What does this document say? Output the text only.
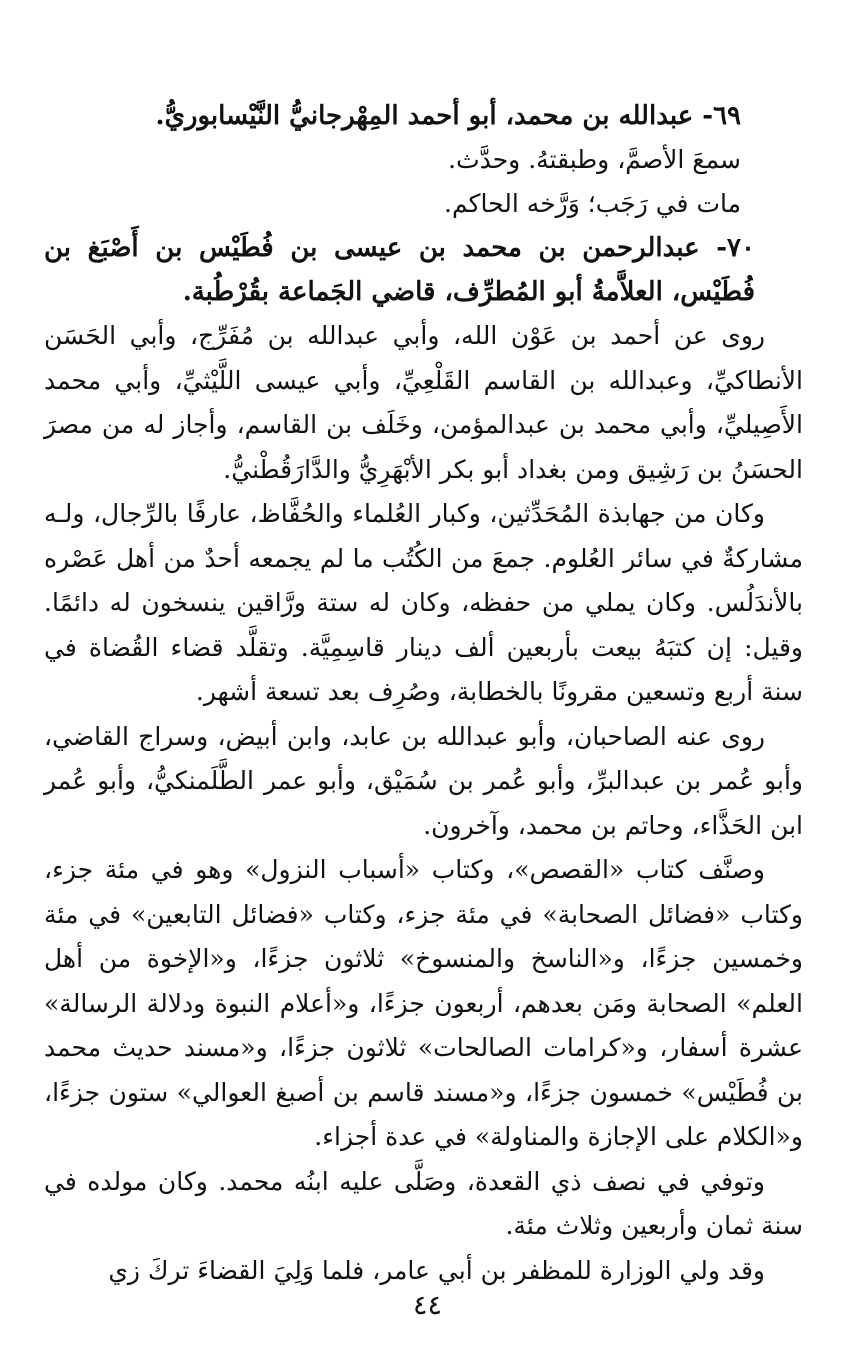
٦٩- عبدالله بن محمد، أبو أحمد المِهْرجانيُّ النَّيْسابوريُّ.

سمعَ الأصمَّ، وطبقتهُ. وحدَّث.

مات في رَجَب؛ وَرَّخه الحاكم.

٧٠- عبدالرحمن بن محمد بن عيسى بن فُطَيْس بن أَصْبَغ بن فُطَيْس، العلاَّمةُ أبو المُطرِّف، قاضي الجَماعة بقُرْطُبة.

روى عن أحمد بن عَوْن الله، وأبي عبدالله بن مُفَرِّج، وأبي الحَسَن الأنطاكيِّ، وعبدالله بن القاسم القَلْعِيِّ، وأبي عيسى اللَّيْثيِّ، وأبي محمد الأَصِيليِّ، وأبي محمد بن عبدالمؤمن، وخَلَف بن القاسم، وأجاز له من مصرَ الحسَنُ بن رَشِيق ومن بغداد أبو بكر الأبْهَرِيُّ والدَّارَقُطْنيُّ.

وكان من جهابذة المُحَدِّثين، وكبار العُلماء والحُفَّاظ، عارفًا بالرِّجال، ولـه مشاركةٌ في سائر العُلوم. جمعَ من الكُتُب ما لم يجمعه أحدٌ من أهل عَصْره بالأندَلُس. وكان يملي من حفظه، وكان له ستة ورَّاقين ينسخون له دائمًا. وقيل: إن كتبَهُ بيعت بأربعين ألف دينار قاسِمِيَّة. وتقلَّد قضاء القُضاة في سنة أربع وتسعين مقرونًا بالخطابة، وصُرِف بعد تسعة أشهر.

روى عنه الصاحبان، وأبو عبدالله بن عابد، وابن أبيض، وسراج القاضي، وأبو عُمر بن عبدالبرِّ، وأبو عُمر بن سُمَيْق، وأبو عمر الطَّلَمنكيُّ، وأبو عُمر ابن الحَذَّاء، وحاتم بن محمد، وآخرون.

وصنَّف كتاب «القصص»، وكتاب «أسباب النزول» وهو في مئة جزء، وكتاب «فضائل الصحابة» في مئة جزء، وكتاب «فضائل التابعين» في مئة وخمسين جزءًا، و«الناسخ والمنسوخ» ثلاثون جزءًا، و«الإخوة من أهل العلم» الصحابة ومَن بعدهم، أربعون جزءًا، و«أعلام النبوة ودلالة الرسالة» عشرة أسفار، و«كرامات الصالحات» ثلاثون جزءًا، و«مسند حديث محمد بن فُطَيْس» خمسون جزءًا، و«مسند قاسم بن أصبغ العوالي» ستون جزءًا، و«الكلام على الإجازة والمناولة» في عدة أجزاء.

وتوفي في نصف ذي القعدة، وصَلَّى عليه ابنُه محمد. وكان مولده في سنة ثمان وأربعين وثلاث مئة.

وقد ولي الوزارة للمظفر بن أبي عامر، فلما وَلِيَ القضاءَ تركَ زي

٤٤
